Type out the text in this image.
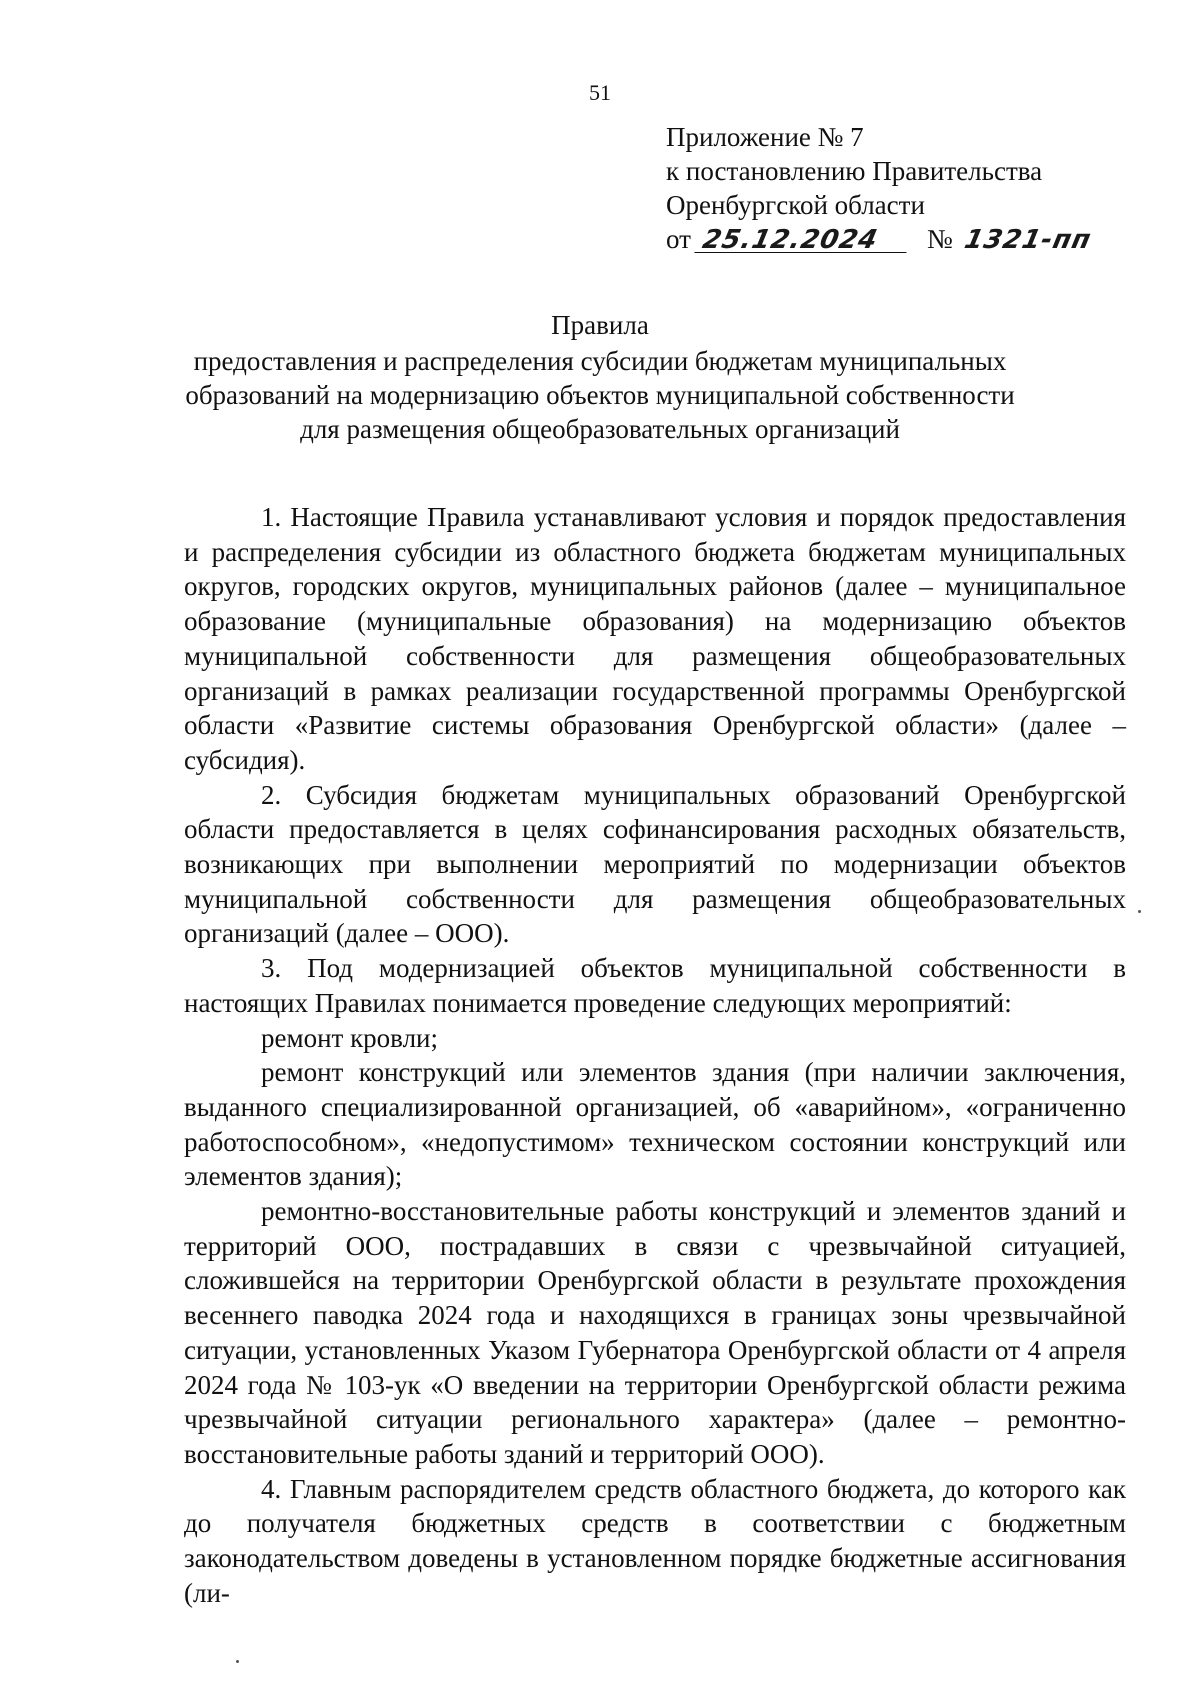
51
Приложение № 7
к постановлению Правительства
Оренбургской области
от 25.12.2024	№ 1321-пп
Правила
предоставления и распределения субсидии бюджетам муниципальных
образований на модернизацию объектов муниципальной собственности
для размещения общеобразовательных организаций

1. Настоящие Правила устанавливают условия и порядок предоставления и распределения субсидии из областного бюджета бюджетам муниципальных округов, городских округов, муниципальных районов (далее – муниципальное образование (муниципальные образования) на модернизацию объектов муниципальной собственности для размещения общеобразовательных организаций в рамках реализации государственной программы Оренбургской области «Развитие системы образования Оренбургской области» (далее – субсидия).

2. Субсидия бюджетам муниципальных образований Оренбургской области предоставляется в целях софинансирования расходных обязательств, возникающих при выполнении мероприятий по модернизации объектов муниципальной собственности для размещения общеобразовательных организаций (далее – ООО).

3. Под модернизацией объектов муниципальной собственности в настоящих Правилах понимается проведение следующих мероприятий:

ремонт кровли;

ремонт конструкций или элементов здания (при наличии заключения, выданного специализированной организацией, об «аварийном», «ограниченно работоспособном», «недопустимом» техническом состоянии конструкций или элементов здания);

ремонтно-восстановительные работы конструкций и элементов зданий и территорий ООО, пострадавших в связи с чрезвычайной ситуацией, сложившейся на территории Оренбургской области в результате прохождения весеннего паводка 2024 года и находящихся в границах зоны чрезвычайной ситуации, установленных Указом Губернатора Оренбургской области от 4 апреля 2024 года № 103-ук «О введении на территории Оренбургской области режима чрезвычайной ситуации регионального характера» (далее – ремонтно-восстановительные работы зданий и территорий ООО).

4. Главным распорядителем средств областного бюджета, до которого как до получателя бюджетных средств в соответствии с бюджетным законодательством доведены в установленном порядке бюджетные ассигнования (ли-
